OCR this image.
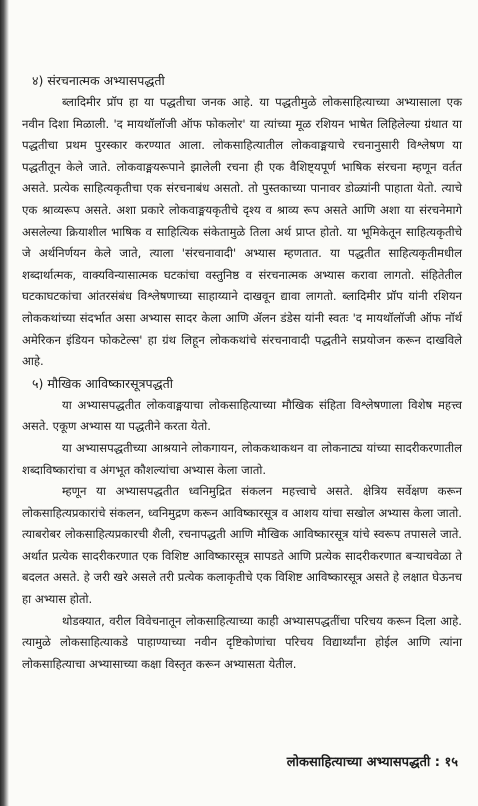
४) संरचनात्मक अभ्यासपद्धती

ब्लादिमीर प्रॉप हा या पद्धतीचा जनक आहे. या पद्धतीमुळे लोकसाहित्याच्या अभ्यासाला एक नवीन दिशा मिळाली. 'द मायथॉलॉजी ऑफ फोकलोर' या त्यांच्या मूळ रशियन भाषेत लिहिलेल्या ग्रंथात या पद्धतीचा प्रथम पुरस्कार करण्यात आला. लोकसाहित्यातील लोकवाङ्मयाचे रचनानुसारी विश्लेषण या पद्धतीतून केले जाते. लोकवाङ्मयरूपाने झालेली रचना ही एक वैशिष्ट्यपूर्ण भाषिक संरचना म्हणून वर्तत असते. प्रत्येक साहित्यकृतीचा एक संरचनाबंध असतो. तो पुस्तकाच्या पानावर डोळ्यांनी पाहाता येतो. त्याचे एक श्राव्यरूप असते. अशा प्रकारे लोकवाङ्मयकृतीचे दृश्य व श्राव्य रूप असते आणि अशा या संरचनेमागे असलेल्या क्रियाशील भाषिक व साहित्यिक संकेतामुळे तिला अर्थ प्राप्त होतो. या भूमिकेतून साहित्यकृतीचे जे अर्थनिर्णयन केले जाते, त्याला 'संरचनावादी' अभ्यास म्हणतात. या पद्धतीत साहित्यकृतीमधील शब्दार्थात्मक, वाक्यविन्यासात्मक घटकांचा वस्तुनिष्ठ व संरचनात्मक अभ्यास करावा लागतो. संहितेतील घटकाघटकांचा आंतरसंबंध विश्लेषणाच्या साहाय्याने दाखवून द्यावा लागतो. ब्लादिमीर प्रॉप यांनी रशियन लोककथांच्या संदर्भात असा अभ्यास सादर केला आणि ॲलन डंडेस यांनी स्वतः 'द मायथॉलॉजी ऑफ नॉर्थ अमेरिकन इंडियन फोकटेल्स' हा ग्रंथ लिहून लोककथांचे संरचनावादी पद्धतीने सप्रयोजन करून दाखविले आहे.

५) मौखिक आविष्कारसूत्रपद्धती

या अभ्यासपद्धतीत लोकवाङ्मयाचा लोकसाहित्याच्या मौखिक संहिता विश्लेषणाला विशेष महत्त्व असते. एकूण अभ्यास या पद्धतीने करता येतो.

या अभ्यासपद्धतीच्या आश्रयाने लोकगायन, लोककथाकथन वा लोकनाट्य यांच्या सादरीकरणातील शब्दाविष्कारांचा व अंगभूत कौशल्यांचा अभ्यास केला जातो.

म्हणून या अभ्यासपद्धतीत ध्वनिमुद्रित संकलन महत्त्वाचे असते. क्षेत्रिय सर्वेक्षण करून लोकसाहित्यप्रकारांचे संकलन, ध्वनिमुद्रण करून आविष्कारसूत्र व आशय यांचा सखोल अभ्यास केला जातो. त्याबरोबर लोकसाहित्यप्रकारची शैली, रचनापद्धती आणि मौखिक आविष्कारसूत्र यांचे स्वरूप तपासले जाते. अर्थात प्रत्येक सादरीकरणात एक विशिष्ट आविष्कारसूत्र सापडते आणि प्रत्येक सादरीकरणात बऱ्याचवेळा ते बदलत असते. हे जरी खरे असले तरी प्रत्येक कलाकृतीचे एक विशिष्ट आविष्कारसूत्र असते हे लक्षात घेऊनच हा अभ्यास होतो.

थोडक्यात, वरील विवेचनातून लोकसाहित्याच्या काही अभ्यासपद्धतींचा परिचय करून दिला आहे. त्यामुळे लोकसाहित्याकडे पाहाण्याच्या नवीन दृष्टिकोणांचा परिचय विद्यार्थ्यांना होईल आणि त्यांना लोकसाहित्याचा अभ्यासाच्या कक्षा विस्तृत करून अभ्यासता येतील.

लोकसाहित्याच्या अभ्यासपद्धती : १५
